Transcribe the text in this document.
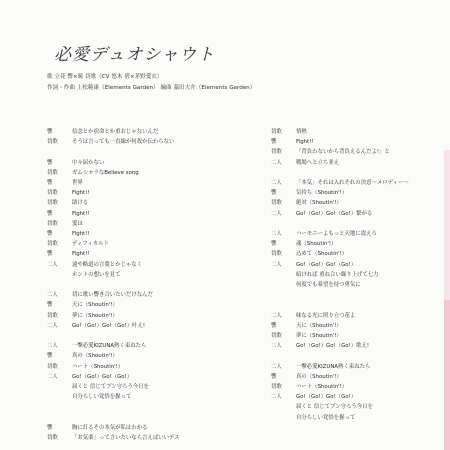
必愛デュオシャウト
歌 立花 響×暁 切歌（CV 悠木 碧×茅野愛衣）
作詞・作曲 上松範康（Elements Garden） 編曲 藁田大介（Elements Garden）
響	信念とか宿命とか重おじゃないんだ
切歌	そうは言っても一直線が何故か伝わらない
響	中々届かない
切歌	ガムシャラなBelieve song
響	世界
切歌	Fight!!
切歌	助ける
響	Fight!!
切歌	愛は
響	Fight!!
切歌	ディフィカルト
響	Fight!!
二人	遠や略道の言葉とかじゃなく
ホントの想いを見て
二人	切に歌い響き合いたいだけなんだ
響	天に（Shoutin'!）
切歌	夢に（Shoutin'!）
二人	Go!（Go!）Go!（Go!）叶え!
二人	一撃必愛KIZUNA熱く束ねたら
響	真の（Shoutin'!）
切歌	ハート（Shoutin'!）
二人	Go!（Go!）Go!（Go!）
届くと 信じてブン守ろう今日を
自分らしい覚悟を握って
響	胸に灯るその本気が私はわかる
切歌	「お気楽」って言いたいなら言えばいいデス
切歌	情熱
響	Fight!!
切歌	「背負わないから背負えるんだよ!」と
二人	戦場へと立ち並え
二人	「本気」それは入れそれの決意～メロディー～
響	気持ち（Shoutin'!）
切歌	絶対（Shoutin'!）
二人	Go!（Go!）Go!（Go!）繋がる
二人	ハーモニーよもっと天地に震えろ
響	魂（Shoutin'!）
切歌	込めて（Shoutin'!）
二人	Go!（Go!）Go!（Go!）
暗ければ 重ね合い繰り上げて七力
何度でも希望を持つ勇気に
二人	味なる光に照り立つ花よ
響	天に（Shoutin'!）
切歌	夢に（Shoutin'!）
二人	Go!（Go!）Go!（Go!）歌え!
二人	一撃必愛KIZUNA熱く束ねたら
響	真の（Shoutin'!）
切歌	ハート（Shoutin'!）
二人	Go!（Go!）Go!（Go!）
届くと 信じてブン守ろう今日を
自分らしい覚悟を握って
